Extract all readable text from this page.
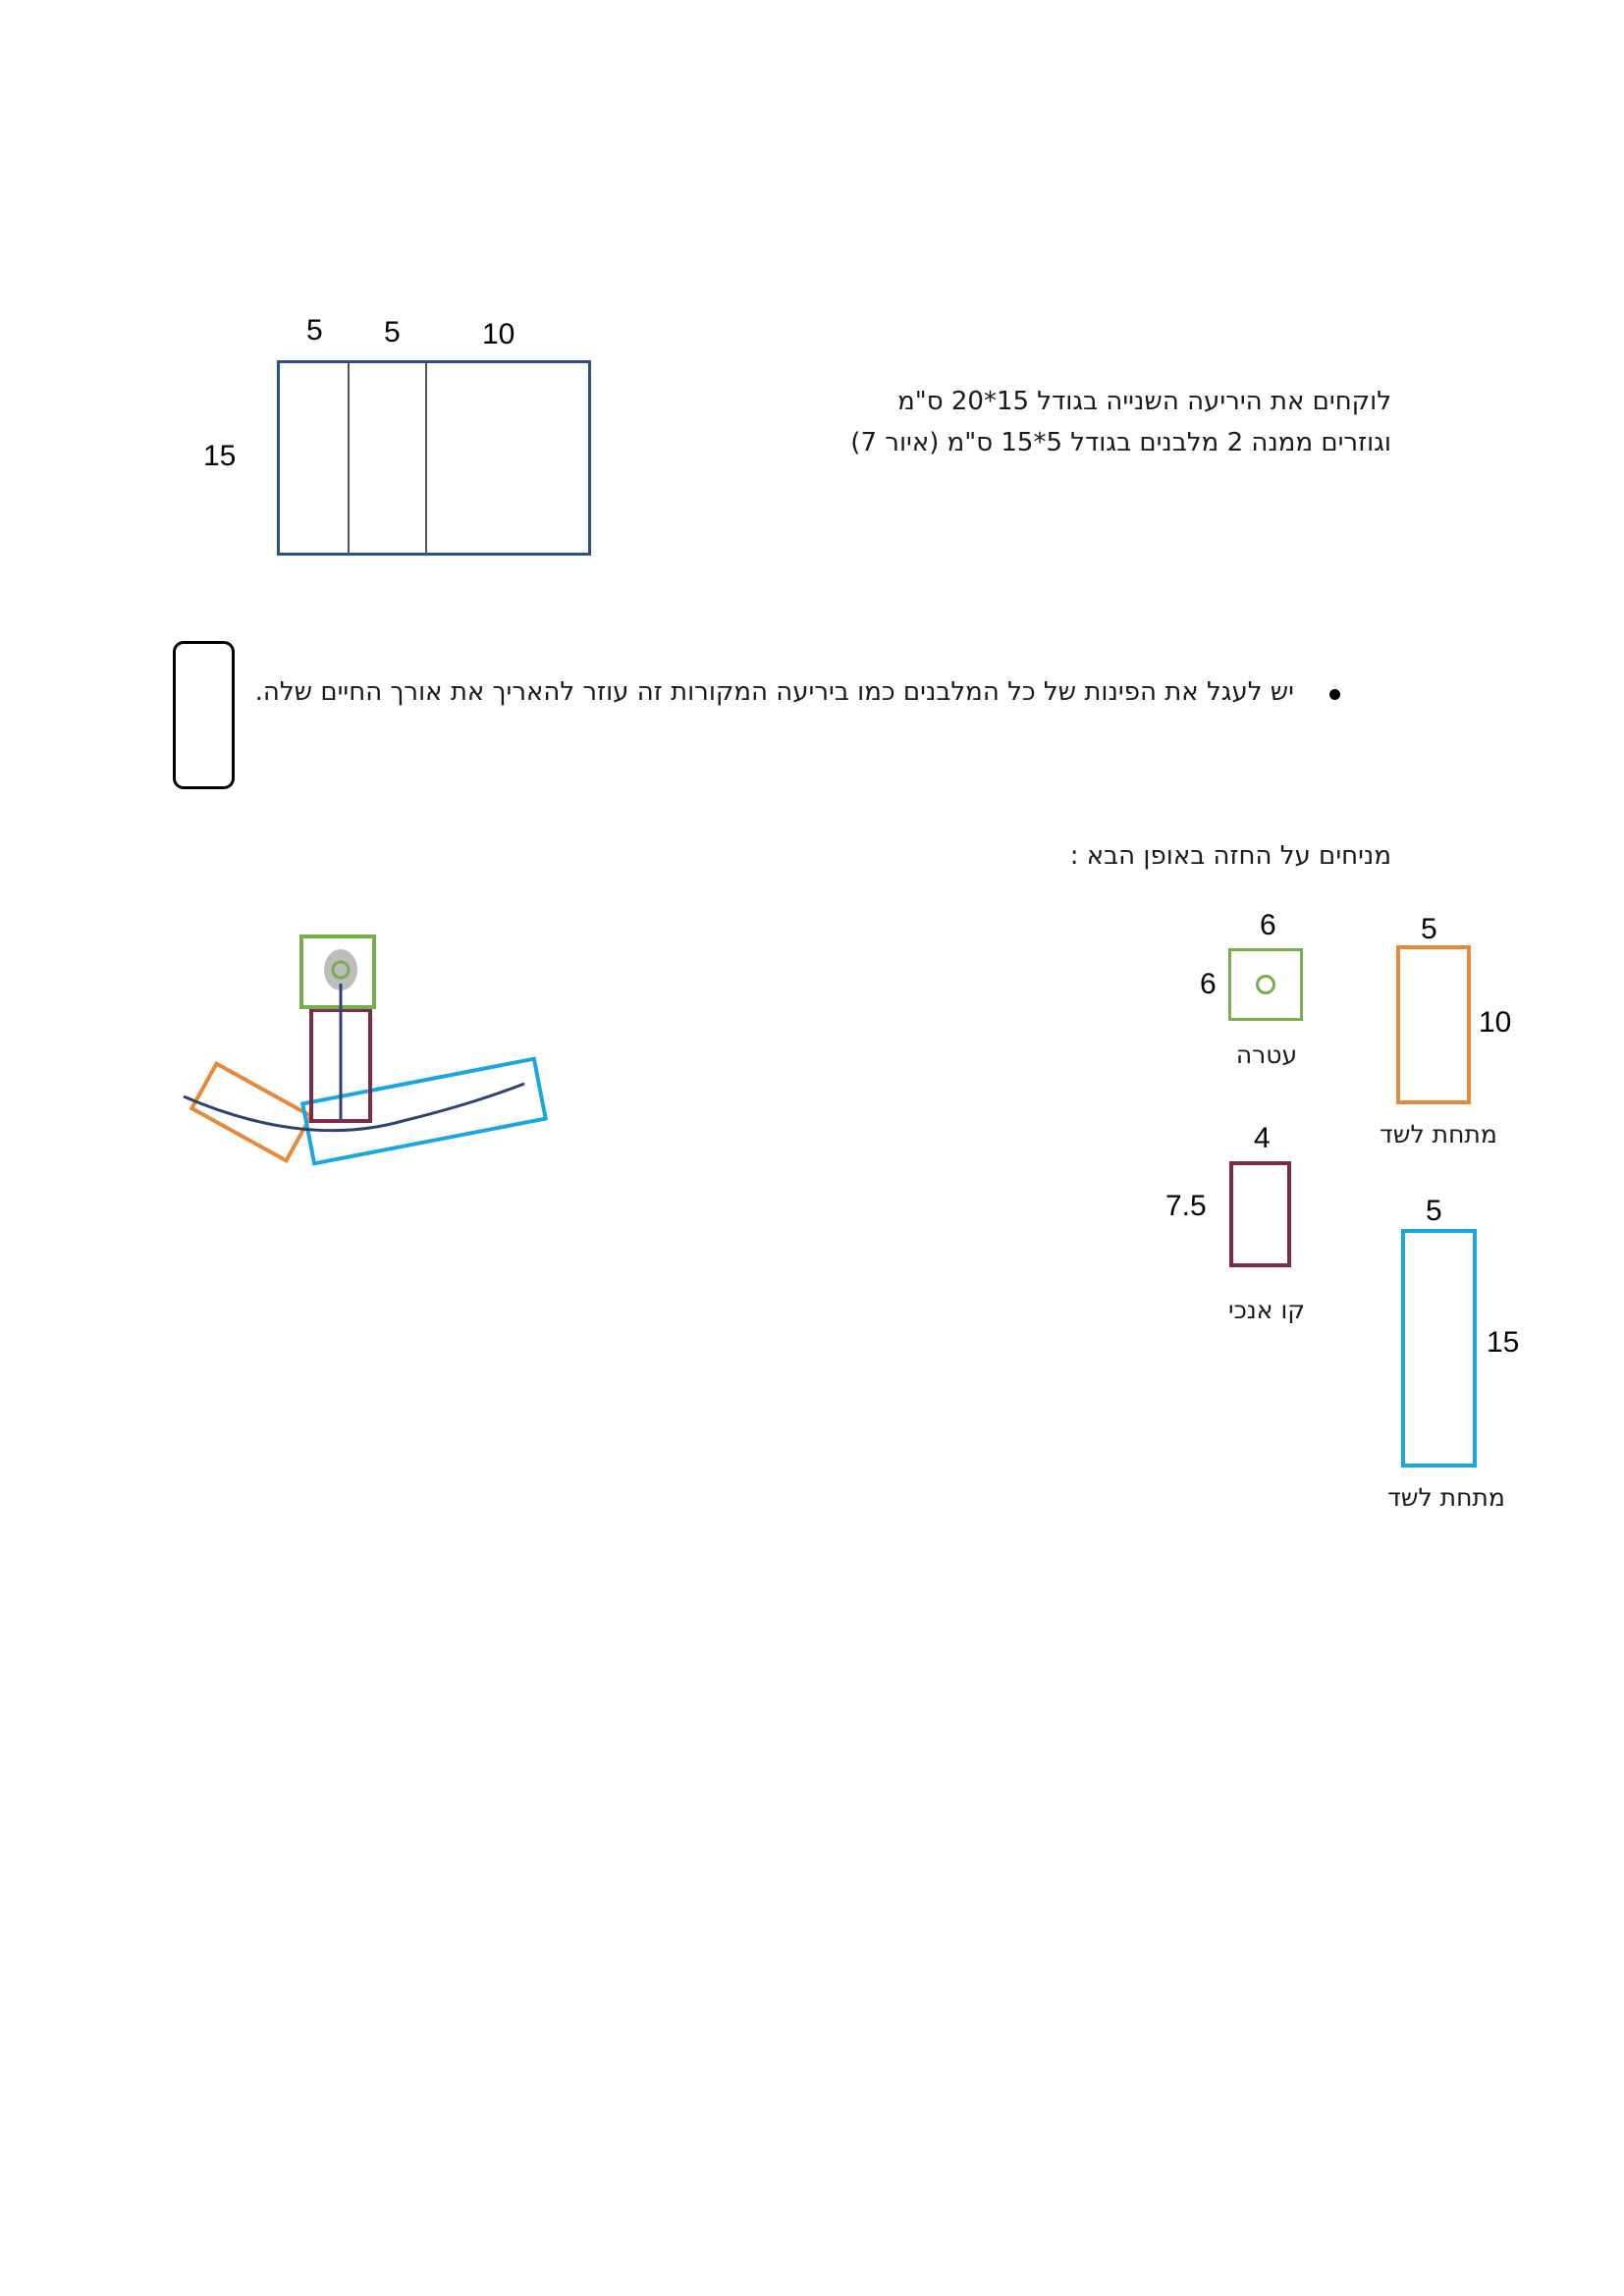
5 5	10
15
לוקחים את היריעה השנייה בגודל 15*20 ס"מ
וגוזרים ממנה 2 מלבנים בגודל 5*15 ס"מ (איור 7)
יש לעגל את הפינות של כל המלבנים כמו ביריעה המקורות זה עוזר להאריך את אורך החיים שלה.
מניחים על החזה באופן הבא :
6
6
עטרה
5
10
מתחת לשד
4
7.5
קו אנכי
5
15
מתחת לשד
